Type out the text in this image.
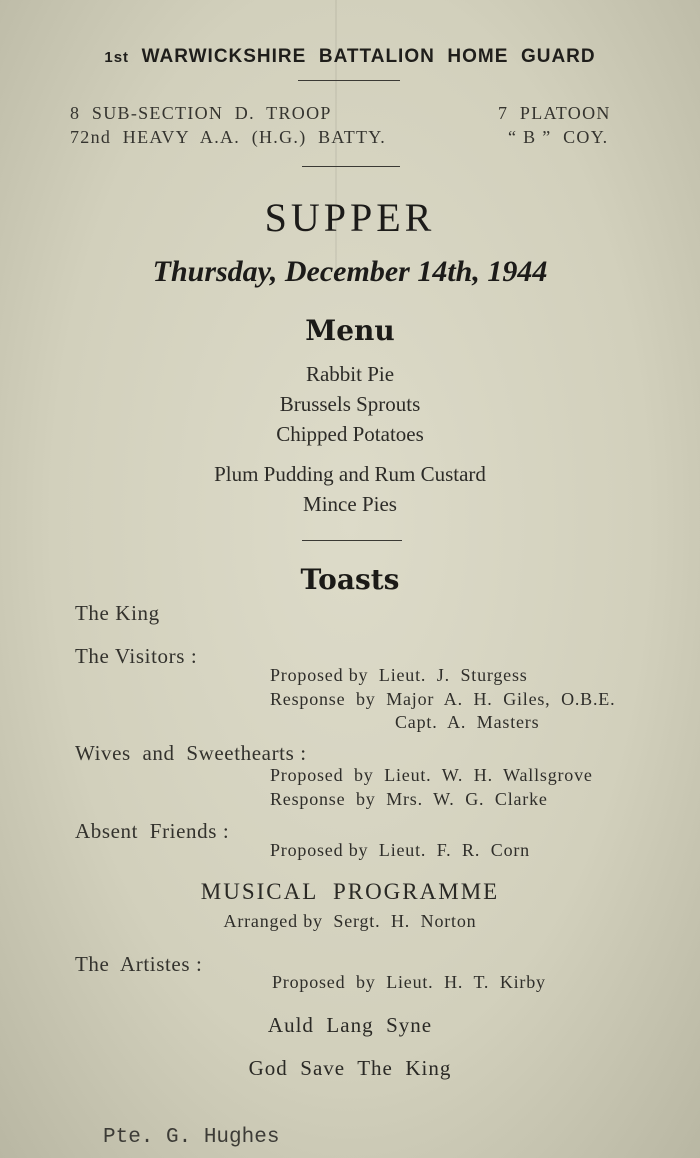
1st WARWICKSHIRE  BATTALION  HOME  GUARD
8  SUB-SECTION  D.  TROOP
72nd  HEAVY  A.A.  (H.G.)  BATTY.
7  PLATOON
“ B ”  COY.
SUPPER
Thursday, December 14th, 1944
Menu
Rabbit Pie
Brussels Sprouts
Chipped Potatoes
Plum Pudding and Rum Custard
Mince Pies
Toasts
The King
The Visitors :
Proposed by  Lieut.  J.  Sturgess
Response  by  Major  A.  H.  Giles,  O.B.E.
Capt.  A.  Masters
Wives  and  Sweethearts :
Proposed  by  Lieut.  W.  H.  Wallsgrove
Response  by  Mrs.  W.  G.  Clarke
Absent  Friends :
Proposed by  Lieut.  F.  R.  Corn
MUSICAL  PROGRAMME
Arranged by  Sergt.  H.  Norton
The  Artistes :
Proposed  by  Lieut.  H.  T.  Kirby
Auld  Lang  Syne
God  Save  The  King
Pte. G. Hughes
